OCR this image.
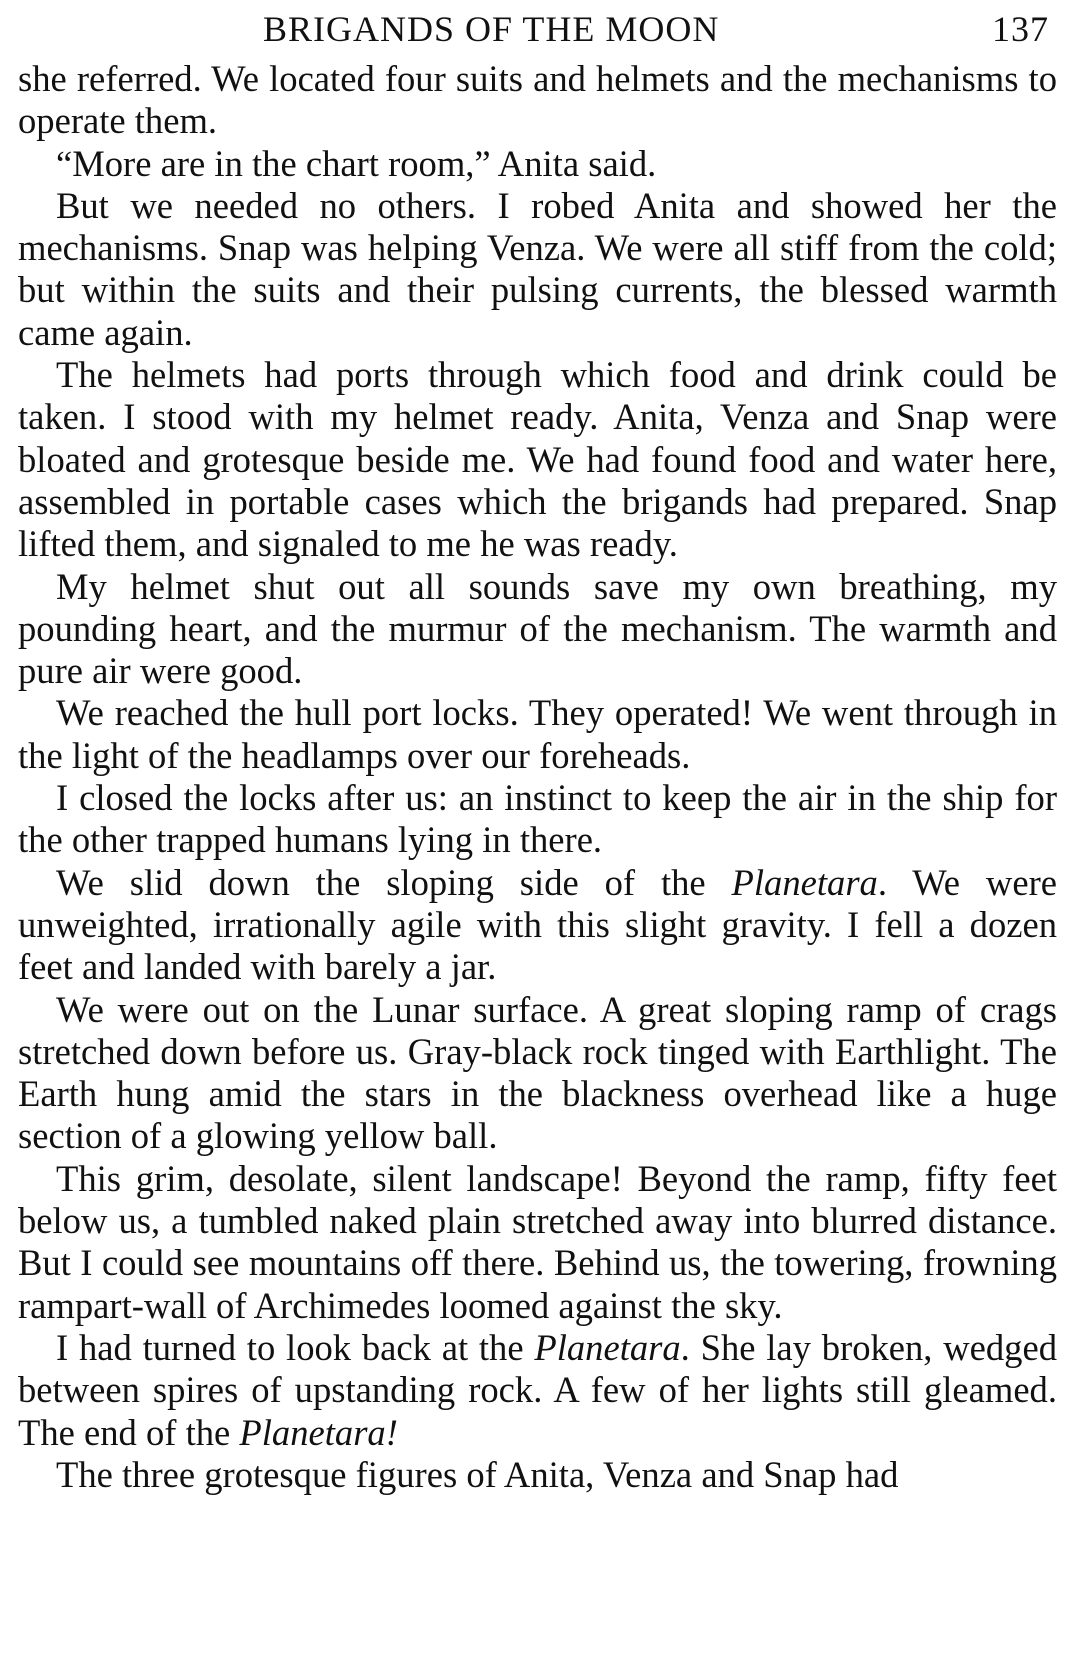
BRIGANDS OF THE MOON	137

she referred. We located four suits and helmets and the mechanisms to operate them.

“More are in the chart room,” Anita said.

But we needed no others. I robed Anita and showed her the mechanisms. Snap was helping Venza. We were all stiff from the cold; but within the suits and their pulsing currents, the blessed warmth came again.

The helmets had ports through which food and drink could be taken. I stood with my helmet ready. Anita, Venza and Snap were bloated and grotesque beside me. We had found food and water here, assembled in portable cases which the brigands had prepared. Snap lifted them, and signaled to me he was ready.

My helmet shut out all sounds save my own breathing, my pounding heart, and the murmur of the mechanism. The warmth and pure air were good.

We reached the hull port locks. They operated! We went through in the light of the headlamps over our foreheads.

I closed the locks after us: an instinct to keep the air in the ship for the other trapped humans lying in there.

We slid down the sloping side of the Planetara. We were unweighted, irrationally agile with this slight gravity. I fell a dozen feet and landed with barely a jar.

We were out on the Lunar surface. A great sloping ramp of crags stretched down before us. Gray-black rock tinged with Earthlight. The Earth hung amid the stars in the blackness overhead like a huge section of a glowing yellow ball.

This grim, desolate, silent landscape! Beyond the ramp, fifty feet below us, a tumbled naked plain stretched away into blurred distance. But I could see mountains off there. Behind us, the towering, frowning rampart-wall of Archimedes loomed against the sky.

I had turned to look back at the Planetara. She lay broken, wedged between spires of upstanding rock. A few of her lights still gleamed. The end of the Planetara!

The three grotesque figures of Anita, Venza and Snap had
